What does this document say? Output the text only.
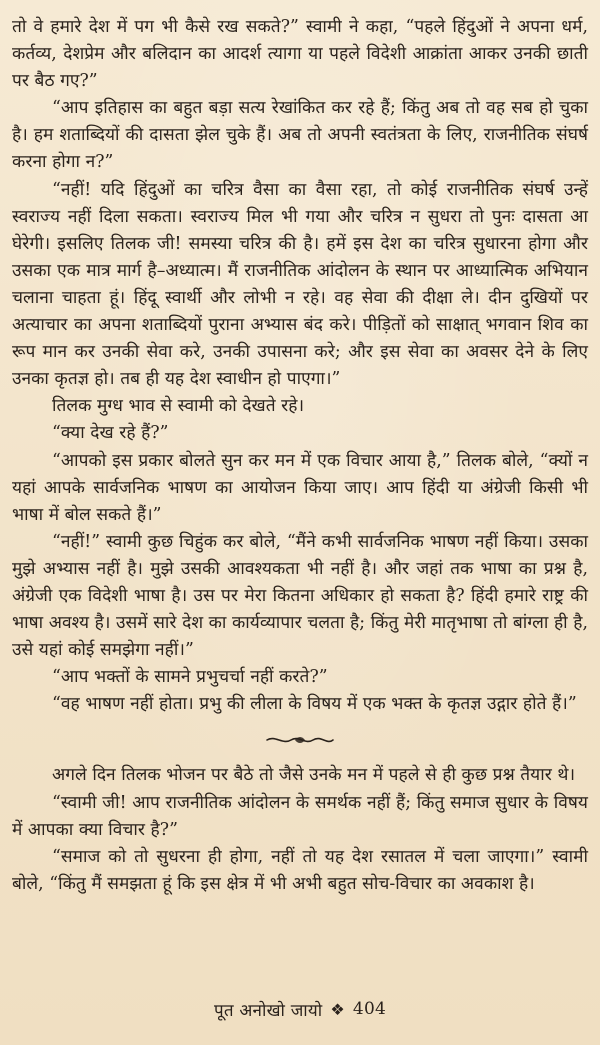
तो वे हमारे देश में पग भी कैसे रख सकते?” स्वामी ने कहा, “पहले हिंदुओं ने अपना धर्म, कर्तव्य, देशप्रेम और बलिदान का आदर्श त्यागा या पहले विदेशी आक्रांता आकर उनकी छाती पर बैठ गए?”

“आप इतिहास का बहुत बड़ा सत्य रेखांकित कर रहे हैं; किंतु अब तो वह सब हो चुका है। हम शताब्दियों की दासता झेल चुके हैं। अब तो अपनी स्वतंत्रता के लिए, राजनीतिक संघर्ष करना होगा न?”

“नहीं! यदि हिंदुओं का चरित्र वैसा का वैसा रहा, तो कोई राजनीतिक संघर्ष उन्हें स्वराज्य नहीं दिला सकता। स्वराज्य मिल भी गया और चरित्र न सुधरा तो पुनः दासता आ घेरेगी। इसलिए तिलक जी! समस्या चरित्र की है। हमें इस देश का चरित्र सुधारना होगा और उसका एक मात्र मार्ग है–अध्यात्म। मैं राजनीतिक आंदोलन के स्थान पर आध्यात्मिक अभियान चलाना चाहता हूं। हिंदू स्वार्थी और लोभी न रहे। वह सेवा की दीक्षा ले। दीन दुखियों पर अत्याचार का अपना शताब्दियों पुराना अभ्यास बंद करे। पीड़ितों को साक्षात् भगवान शिव का रूप मान कर उनकी सेवा करे, उनकी उपासना करे; और इस सेवा का अवसर देने के लिए उनका कृतज्ञ हो। तब ही यह देश स्वाधीन हो पाएगा।”

तिलक मुग्ध भाव से स्वामी को देखते रहे।

“क्या देख रहे हैं?”

“आपको इस प्रकार बोलते सुन कर मन में एक विचार आया है,” तिलक बोले, “क्यों न यहां आपके सार्वजनिक भाषण का आयोजन किया जाए। आप हिंदी या अंग्रेजी किसी भी भाषा में बोल सकते हैं।”

“नहीं!” स्वामी कुछ चिहुंक कर बोले, “मैंने कभी सार्वजनिक भाषण नहीं किया। उसका मुझे अभ्यास नहीं है। मुझे उसकी आवश्यकता भी नहीं है। और जहां तक भाषा का प्रश्न है, अंग्रेजी एक विदेशी भाषा है। उस पर मेरा कितना अधिकार हो सकता है? हिंदी हमारे राष्ट्र की भाषा अवश्य है। उसमें सारे देश का कार्यव्यापार चलता है; किंतु मेरी मातृभाषा तो बांग्ला ही है, उसे यहां कोई समझेगा नहीं।”

“आप भक्तों के सामने प्रभुचर्चा नहीं करते?”

“वह भाषण नहीं होता। प्रभु की लीला के विषय में एक भक्त के कृतज्ञ उद्गार होते हैं।”

अगले दिन तिलक भोजन पर बैठे तो जैसे उनके मन में पहले से ही कुछ प्रश्न तैयार थे।

“स्वामी जी! आप राजनीतिक आंदोलन के समर्थक नहीं हैं; किंतु समाज सुधार के विषय में आपका क्या विचार है?”

“समाज को तो सुधरना ही होगा, नहीं तो यह देश रसातल में चला जाएगा।” स्वामी बोले, “किंतु मैं समझता हूं कि इस क्षेत्र में भी अभी बहुत सोच-विचार का अवकाश है।

पूत अनोखो जायो ❖ 404
